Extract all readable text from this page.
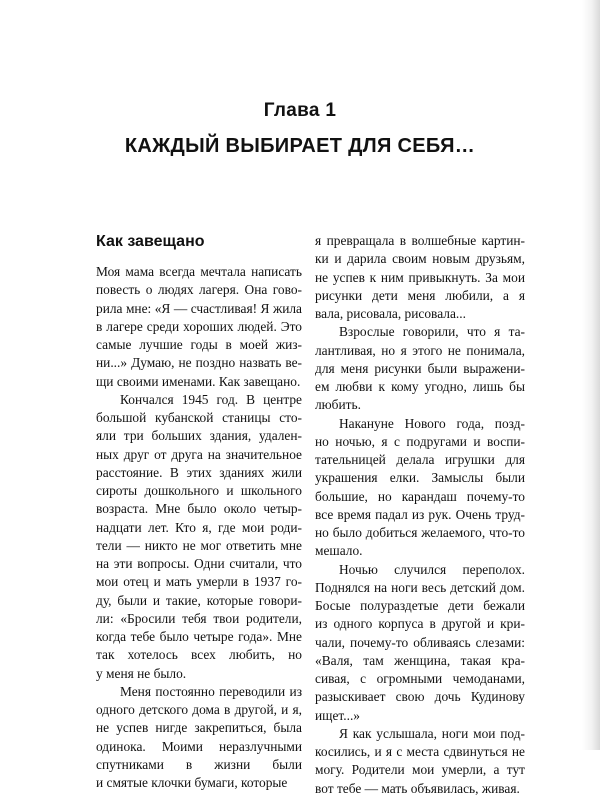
Глава 1
КАЖДЫЙ ВЫБИРАЕТ ДЛЯ СЕБЯ…
Как завещано
Моя мама всегда мечтала написать
повесть о людях лагеря. Она гово-
рила мне: «Я — счастливая! Я жила
в лагере среди хороших людей. Это
самые лучшие годы в моей жиз-
ни...» Думаю, не поздно назвать ве-
щи своими именами. Как завещано.
Кончался 1945 год. В центре
большой кубанской станицы сто-
яли три больших здания, удален-
ных друг от друга на значительное
расстояние. В этих зданиях жили
сироты дошкольного и школьного
возраста. Мне было около четыр-
надцати лет. Кто я, где мои роди-
тели — никто не мог ответить мне
на эти вопросы. Одни считали, что
мои отец и мать умерли в 1937 го-
ду, были и такие, которые говори-
ли: «Бросили тебя твои родители,
когда тебе было четыре года». Мне
так хотелось всех любить, но
у меня не было.
Меня постоянно переводили из
одного детского дома в другой, и я,
не успев нигде закрепиться, была
одинока. Моими неразлучными
спутниками в жизни были
и смятые клочки бумаги, которые
я превращала в волшебные картин-
ки и дарила своим новым друзьям,
не успев к ним привыкнуть. За мои
рисунки дети меня любили, а я
вала, рисовала, рисовала...
Взрослые говорили, что я та-
лантливая, но я этого не понимала,
для меня рисунки были выражени-
ем любви к кому угодно, лишь бы
любить.
Накануне Нового года, позд-
но ночью, я с подругами и воспи-
тательницей делала игрушки для
украшения елки. Замыслы были
большие, но карандаш почему-то
все время падал из рук. Очень труд-
но было добиться желаемого, что-то
мешало.
Ночью случился переполох.
Поднялся на ноги весь детский дом.
Босые полураздетые дети бежали
из одного корпуса в другой и кри-
чали, почему-то обливаясь слезами:
«Валя, там женщина, такая кра-
сивая, с огромными чемоданами,
разыскивает свою дочь Кудинову
ищет...»
Я как услышала, ноги мои под-
косились, и я с места сдвинуться не
могу. Родители мои умерли, а тут
вот тебе — мать объявилась, живая.
